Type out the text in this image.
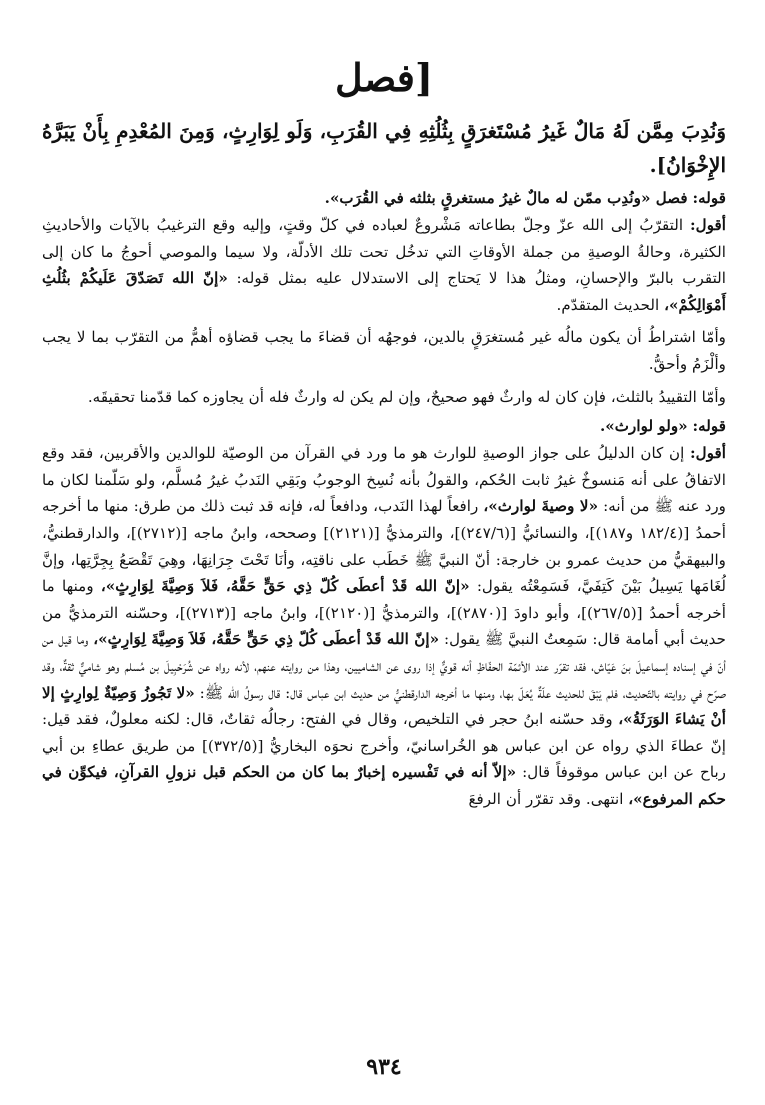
[فصل

وَنُدِبَ مِمَّن لَهُ مَالٌ غَيرُ مُسْتَغرَقٍ بِثُلُثِهِ فِي القُرَبِ، وَلَو لِوَارِثٍ، وَمِنَ المُعْدِمِ بِأَنْ يَبَرَّهُ الإِخْوَانُ].

قوله: فصل «ونُدِب ممّن له مالٌ غيرُ مستغرقٍ بثلثه في القُرَب».

أقول: التقرّبُ إلى الله عزّ وجلّ بطاعاته مَشْروعٌ لعباده في كلّ وقتٍ، وإليه وقع الترغيبُ بالآيات والأحاديثِ الكثيرة، وحالةُ الوصيةِ من جملة الأوقاتِ التي تدخُل تحت تلك الأدلّة، ولا سيما والموصي أحوجُ ما كان إلى التقرب بالبرّ والإحسانِ، ومثلُ هذا لا يَحتاج إلى الاستدلال عليه بمثل قوله: «إنّ الله تَصَدّقَ عَلَيكُمْ بثُلُثِ أَمْوَالِكُمْ»، الحديث المتقدّم.

وأمّا اشتراطُ أن يكون مالُه غير مُستغرَقٍ بالدين، فوجهُه أن قضاءَ ما يجب قضاؤه أهمُّ من التقرّب بما لا يجب وألْزَمُ وأحقُّ.

وأمّا التقييدُ بالثلث، فإن كان له وارثٌ فهو صحيحٌ، وإن لم يكن له وارثٌ فله أن يجاوزه كما قدّمنا تحقيقَه.

قوله: «ولو لوارث».

أقول: إن كان الدليلُ على جواز الوصيةِ للوارث هو ما ورد في القرآن من الوصيّة للوالدين والأقربين، فقد وقع الاتفاقُ على أنه مَنسوخٌ غيرُ ثابت الحُكم، والقولُ بأنه نُسِخ الوجوبُ وبَقِي النَدبُ غيرُ مُسلَّم، ولو سَلّمنا لكان ما ورد عنه ﷺ من أنه: «لا وصيةَ لوارث»، رافعاً لهذا النَدب، ودافعاً له، فإنه قد ثبت ذلك من طرق: منها ما أخرجه أحمدُ [(١٨٢/٤ و١٨٧)]، والنسائيُّ [(٢٤٧/٦)]، والترمذيُّ [(٢١٢١)] وصححه، وابنُ ماجه [(٢٧١٢)]، والدارقطنيُّ، والبيهقيُّ من حديث عمرو بن خارجة: أنّ النبيَّ ﷺ خَطَب على ناقتِه، وأنَا تَحْتَ جِرَانِهَا، وهِيَ تَقْصَعُ بِجِرَّتِها، وإنَّ لُغَامَها يَسِيلُ بَيْنَ كَتِفَيَّ، فَسَمِعْتُه يقول: «إنّ الله قَدْ أعطَى كُلّ ذِي حَقٍّ حَقَّهُ، فَلاَ وَصِيَّةَ لِوَارِثٍ»، ومنها ما أخرجه أحمدُ [(٢٦٧/٥)]، وأبو داودَ [(٢٨٧٠)]، والترمذيُّ [(٢١٢٠)]، وابنُ ماجه [(٢٧١٣)]، وحسّنه الترمذيُّ من حديث أبي أمامة قال: سَمِعتُ النبيَّ ﷺ يقول: «إنّ الله قَدْ أعطَى كُلّ ذِي حَقٍّ حَقَّهُ، فَلاَ وَصِيَّةَ لِوَارِثٍ»، وما قيل من أنّ في إسناده إسماعيلَ بنَ عَيّاش، فقد تقرّر عند الأئمّة الحفّاظِ أنه قويٌّ إذا روى عن الشاميين، وهذا من روايته عنهم، لأنه رواه عن شُرَحْبِيلَ بن مُسلم وهو شاميٌّ ثقةٌ، وقد صرّح في روايته بالتّحديث، فلم يَبْقَ للحديث علّةٌ يُعَلّ بها، ومنها ما أخرجه الدارقطنيُّ من حديث ابن عباس قال: قال رسولُ الله ﷺ: «لا تَجُوزُ وَصِيّةٌ لِوارِثٍ إلا أنْ يَشاءَ الوَرَثَةُ»، وقد حسّنه ابنُ حجر في التلخيص، وقال في الفتح: رجالُه ثقاتٌ، قال: لكنه معلولٌ، فقد قيل: إنّ عطاءَ الذي رواه عن ابن عباس هو الخُراسانيّ، وأخرج نحوَه البخاريُّ [(٣٧٢/٥)] من طريق عطاءِ بن أبي رباح عن ابن عباس موقوفاً قال: «إلاّ أنه في تَفْسيره إخبارٌ بما كان من الحكم قبل نزولِ القرآنِ، فيكوِّن في حكم المرفوع»، انتهى. وقد تقرّر أن الرفعَ

٩٣٤
